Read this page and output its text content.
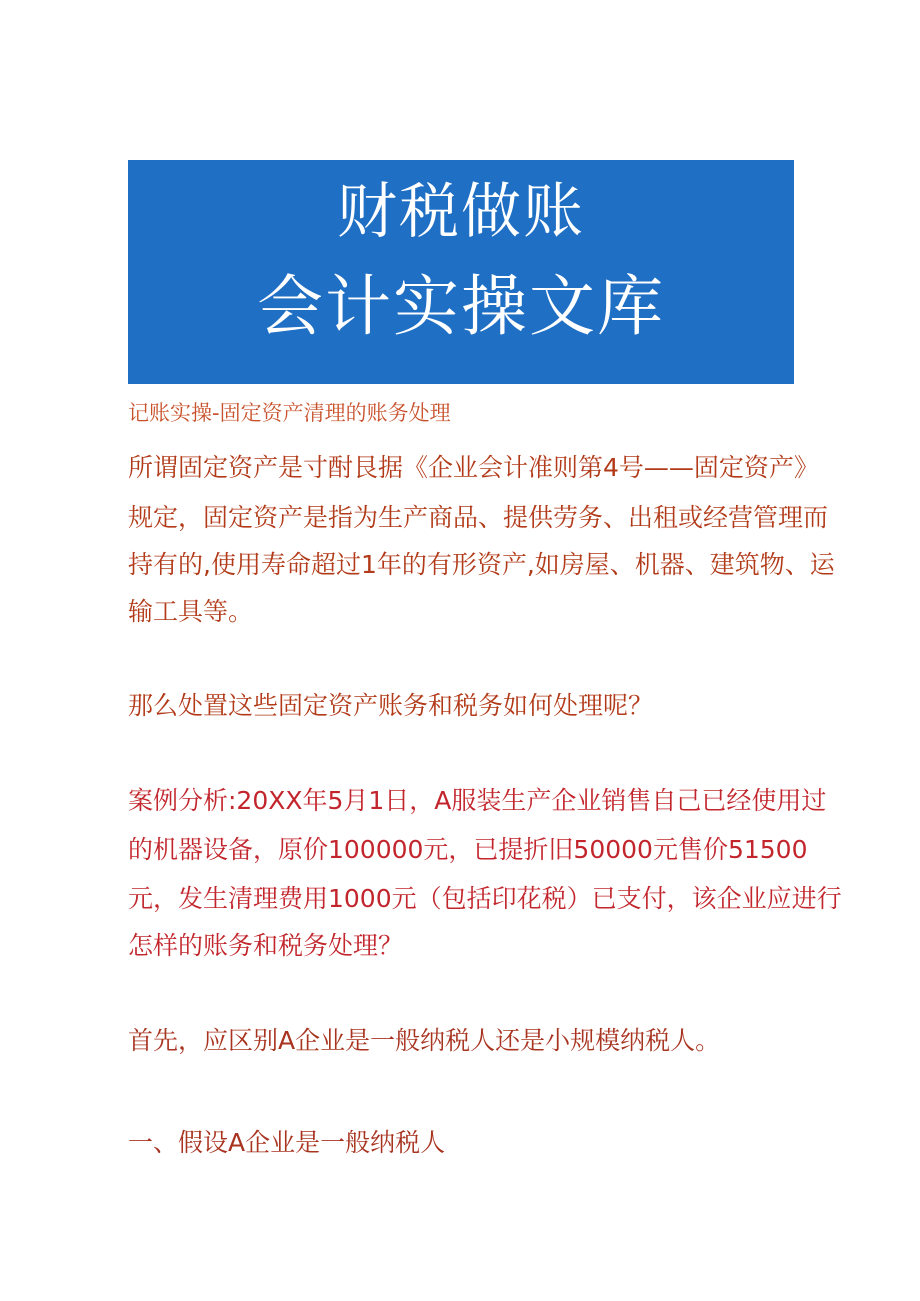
财税做账
会计实操文库
记账实操-固定资产清理的账务处理
所谓固定资产是寸酎艮据《企业会计准则第4号——固定资产》
规定，固定资产是指为生产商品、提供劳务、出租或经营管理而
持有的,使用寿命超过1年的有形资产,如房屋、机器、建筑物、运
输工具等。
那么处置这些固定资产账务和税务如何处理呢？
案例分析:20XX年5月1日，A服装生产企业销售自己已经使用过
的机器设备，原价100000元，已提折旧50000元售价51500
元，发生清理费用1000元（包括印花税）已支付，该企业应进行
怎样的账务和税务处理？
首先，应区别A企业是一般纳税人还是小规模纳税人。
一、假设A企业是一般纳税人
